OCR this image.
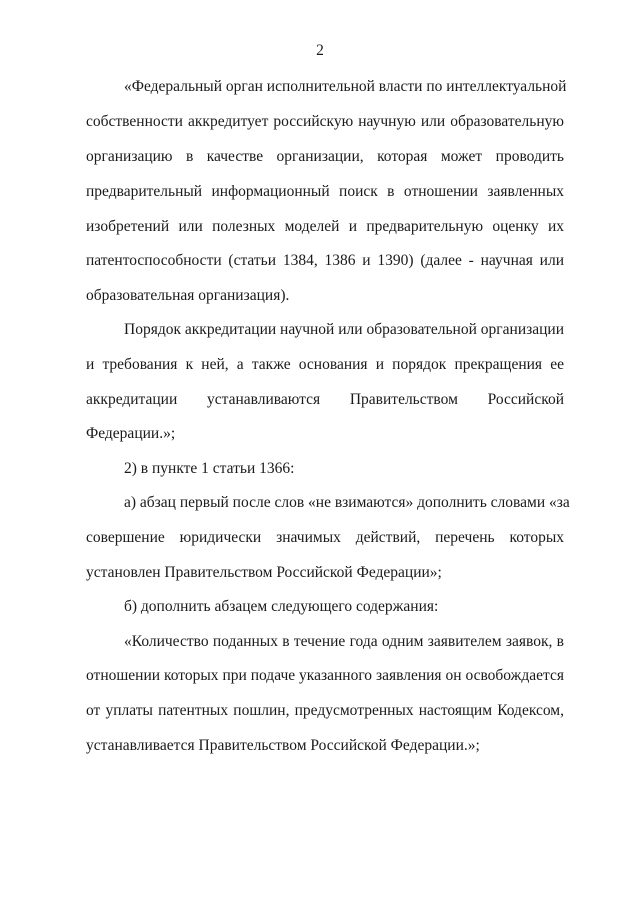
2
«Федеральный орган исполнительной власти по интеллектуальной
собственности аккредитует российскую научную или образовательную
организацию в качестве организации, которая может проводить
предварительный информационный поиск в отношении заявленных
изобретений или полезных моделей и предварительную оценку их
патентоспособности (статьи 1384, 1386 и 1390) (далее - научная или
образовательная организация).
Порядок аккредитации научной или образовательной организации
и требования к ней, а также основания и порядок прекращения ее
аккредитации устанавливаются Правительством Российской
Федерации.»;
2) в пункте 1 статьи 1366:
а) абзац первый после слов «не взимаются» дополнить словами «за
совершение юридически значимых действий, перечень которых
установлен Правительством Российской Федерации»;
б) дополнить абзацем следующего содержания:
«Количество поданных в течение года одним заявителем заявок, в
отношении которых при подаче указанного заявления он освобождается
от уплаты патентных пошлин, предусмотренных настоящим Кодексом,
устанавливается Правительством Российской Федерации.»;
